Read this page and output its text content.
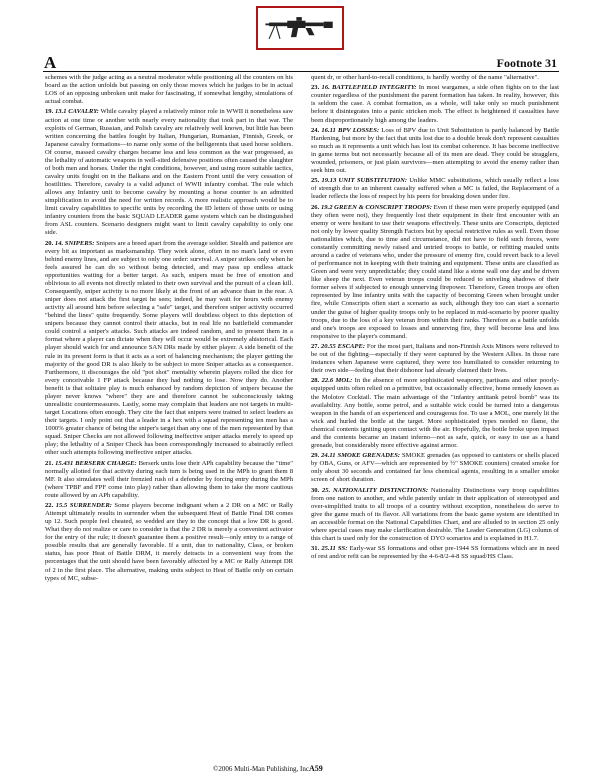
A	Footnote 31

schemes with the judge acting as a neutral moderator while positioning all the counters on his board as the action unfolds but passing on only those moves which he judges to be in actual LOS of an opposing unbroken unit make for fascinating, if somewhat lengthy, simulations of actual combat.

19. 13.1 CAVALRY: While cavalry played a relatively minor role in WWII it nonetheless saw action at one time or another with nearly every nationality that took part in that war. The exploits of German, Russian, and Polish cavalry are relatively well known, but little has been written concerning the battles fought by Italian, Hungarian, Rumanian, Finnish, Greek, or Japanese cavalry formations—to name only some of the belligerents that used horse soldiers. Of course, massed cavalry charges became less and less common as the war progressed, as the lethality of automatic weapons in well-sited defensive positions often caused the slaughter of both men and horses. Under the right conditions, however, and using more suitable tactics, cavalry units fought on in the Balkans and on the Eastern Front until the very cessation of hostilities. Therefore, cavalry is a valid adjunct of WWII infantry combat. The rule which allows any Infantry unit to become cavalry by mounting a horse counter is an admitted simplification to avoid the need for written records. A more realistic approach would be to limit cavalry capabilities to specific units by recording the ID letters of those units or using infantry counters from the basic SQUAD LEADER game system which can be distinguished from ASL counters. Scenario designers might want to limit cavalry capability to only one side.

20. 14. SNIPERS: Snipers are a breed apart from the average soldier. Stealth and patience are every bit as important as marksmanship. They work alone, often in no man's land or even behind enemy lines, and are subject to only one order: survival. A sniper strikes only when he feels assured he can do so without being detected, and may pass up endless attack opportunities waiting for a better target. As such, snipers must be free of emotion and oblivious to all events not directly related to their own survival and the pursuit of a clean kill. Consequently, sniper activity is no more likely at the front of an advance than in the rear. A sniper does not attack the first target he sees; indeed, he may wait for hours with enemy activity all around him before selecting a "safe" target, and therefore sniper activity occurred "behind the lines" quite frequently. Some players will doubtless object to this depiction of snipers because they cannot control their attacks, but in real life no battlefield commander could control a sniper's attacks. Such attacks are indeed random, and to present them in a format where a player can dictate when they will occur would be extremely ahistorical. Each player should watch for and announce SAN DRs made by either player. A side benefit of the rule in its present form is that it acts as a sort of balancing mechanism; the player getting the majority of the good DR is also likely to be subject to more Sniper attacks as a consequence. Furthermore, it discourages the old "pot shot" mentality wherein players rolled the dice for every conceivable 1 FP attack because they had nothing to lose. Now they do. Another benefit is that solitaire play is much enhanced by random depiction of snipers because the player never knows "where" they are and therefore cannot be subconsciously taking unrealistic countermeasures. Lastly, some may complain that leaders are not targets in multi-target Locations often enough. They cite the fact that snipers were trained to select leaders as their targets. I only point out that a leader in a hex with a squad representing ten men has a 1000% greater chance of being the sniper's target than any one of the men represented by that squad. Sniper Checks are not allowed following ineffective sniper attacks merely to speed up play; the lethality of a Sniper Check has been correspondingly increased to abstractly reflect other such attempts following ineffective sniper attacks.

21. 15.431 BERSERK CHARGE: Berserk units lose their APh capability because the "time" normally allotted for that activity during each turn is being used in the MPh to grant them 8 MF. It also simulates well their frenzied rush of a defender by forcing entry during the MPh (where TPBF and FPF come into play) rather than allowing them to take the more cautious route allowed by an APh capability.

22. 15.5 SURRENDER: Some players become indignant when a 2 DR on a MC or Rally Attempt ultimately results in surrender when the subsequent Heat of Battle Final DR comes up 12. Such people feel cheated, so wedded are they to the concept that a low DR is good. What they do not realize or care to consider is that the 2 DR is merely a convenient activator for the entry of the rule; it doesn't guarantee them a positive result—only entry to a range of possible results that are generally favorable. If a unit, due to nationality, Class, or broken status, has poor Heat of Battle DRM, it merely detracts in a convenient way from the percentages that the unit should have been favorably affected by a MC or Rally Attempt DR of 2 in the first place. The alternative, making units subject to Heat of Battle only on certain types of MC, subse-

quent dr, or other hard-to-recall conditions, is hardly worthy of the name "alternative".

23. 16. BATTLEFIELD INTEGRITY: In most wargames, a side often fights on to the last counter regardless of the punishment the parent formation has taken. In reality, however, this is seldom the case. A combat formation, as a whole, will take only so much punishment before it disintegrates into a panic stricken mob. The effect is heightened if casualties have been disproportionately high among the leaders.

24. 16.11 BPV LOSSES: Loss of BPV due to Unit Substitution is partly balanced by Battle Hardening, but more by the fact that units lost due to a double break don't represent casualties so much as it represents a unit which has lost its combat coherence. It has become ineffective in game terms but not necessarily because all of its men are dead. They could be stragglers, wounded, prisoners, or just plain survivors—men attempting to avoid the enemy rather than seek him out.

25. 19.13 UNIT SUBSTITUTION: Unlike MMC substitutions, which usually reflect a loss of strength due to an inherent casualty suffered when a MC is failed, the Replacement of a leader reflects the loss of respect by his peers for breaking down under fire.

26. 19.2 GREEN & CONSCRIPT TROOPS: Even if these men were properly equipped (and they often were not), they frequently lost their equipment in their first encounter with an enemy or were hesitant to use their weapons effectively. These units are Conscripts, depicted not only by lower quality Strength Factors but by special restrictive rules as well. Even those nationalities which, due to time and circumstance, did not have to field such forces, were constantly committing newly raised and untried troops to battle, or refitting mauled units around a cadre of veterans who, under the pressure of enemy fire, could revert back to a level of performance not in keeping with their training and equipment. These units are classified as Green and were very unpredictable; they could stand like a stone wall one day and be driven like sheep the next. Even veteran troops could be reduced to sniveling shadows of their former selves if subjected to enough unnerving firepower. Therefore, Green troops are often represented by line infantry units with the capacity of becoming Green when brought under fire, while Conscripts often start a scenario as such, although they too can start a scenario under the guise of higher quality troops only to be replaced in mid-scenario by poorer quality troops, due to the loss of a key veteran from within their ranks. Therefore as a battle unfolds and one's troops are exposed to losses and unnerving fire, they will become less and less responsive to the player's command.

27. 20.55 ESCAPE: For the most part, Italians and non-Finnish Axis Minors were relieved to be out of the fighting—especially if they were captured by the Western Allies. In those rare instances when Japanese were captured, they were too humiliated to consider returning to their own side—feeling that their dishonor had already claimed their lives.

28. 22.6 MOL: In the absence of more sophisticated weaponry, partisans and other poorly-equipped units often relied on a primitive, but occasionally effective, home remedy known as the Molotov Cocktail. The main advantage of the "infantry antitank petrol bomb" was its availability. Any bottle, some petrol, and a suitable wick could be turned into a dangerous weapon in the hands of an experienced and courageous foe. To use a MOL, one merely lit the wick and hurled the bottle at the target. More sophisticated types needed no flame, the chemical contents igniting upon contact with the air. Hopefully, the bottle broke upon impact and the contents became an instant inferno—not as safe, quick, or easy to use as a hand grenade, but considerably more effective against armor.

29. 24.11 SMOKE GRENADES: SMOKE grenades (as opposed to canisters or shells placed by OBA, Guns, or AFV—which are represented by ½" SMOKE counters) created smoke for only about 30 seconds and contained far less chemical agents, resulting in a smaller smoke screen of short duration.

30. 25. NATIONALITY DISTINCTIONS: Nationality Distinctions vary troop capabilities from one nation to another, and while patently unfair in their application of stereotyped and over-simplified traits to all troops of a country without exception, nonetheless do serve to give the game much of its flavor. All variations from the basic game system are identified in an accessible format on the National Capabilities Chart, and are alluded to in section 25 only where special cases may make clarification desirable. The Leader Generation (LG) column of this chart is used only for the construction of DYO scenarios and is explained in H1.7.

31. 25.11 SS: Early-war SS formations and other pre-1944 SS formations which are in need of rest and/or refit can be represented by the 4-6-8/2-4-8 SS squad/HS Class.

©2006 Multi-Man Publishing, Inc.
A59
